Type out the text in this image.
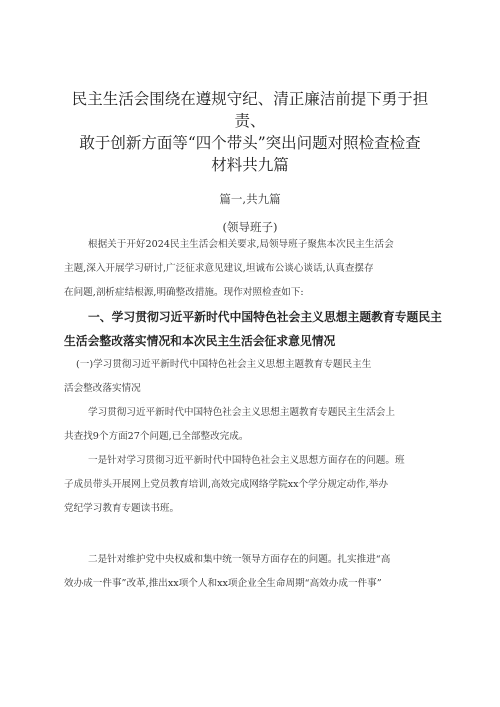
民主生活会围绕在遵规守纪、清正廉洁前提下勇于担责、
敢于创新方面等“四个带头”突出问题对照检查检查
材料共九篇
篇一,共九篇
(领导班子)
根据关于开好2024民主生活会相关要求,局领导班子聚焦本次民主生活会
主题,深入开展学习研讨,广泛征求意见建议,坦诚布公谈心谈话,认真查摆存
在问题,剖析症结根源,明确整改措施。现作对照检查如下:
一、学习贯彻习近平新时代中国特色社会主义思想主题教育专题民主
生活会整改落实情况和本次民主生活会征求意见情况
(一)学习贯彻习近平新时代中国特色社会主义思想主题教育专题民主生
活会整改落实情况
学习贯彻习近平新时代中国特色社会主义思想主题教育专题民主生活会上
共查找9个方面27个问题,已全部整改完成。
一是针对学习贯彻习近平新时代中国特色社会主义思想方面存在的问题。班
子成员带头开展网上党员教育培训,高效完成网络学院xx个学分规定动作,举办
党纪学习教育专题读书班。
二是针对维护党中央权威和集中统一领导方面存在的问题。扎实推进“高
效办成一件事”改革,推出xx项个人和xx项企业全生命周期“高效办成一件事”
